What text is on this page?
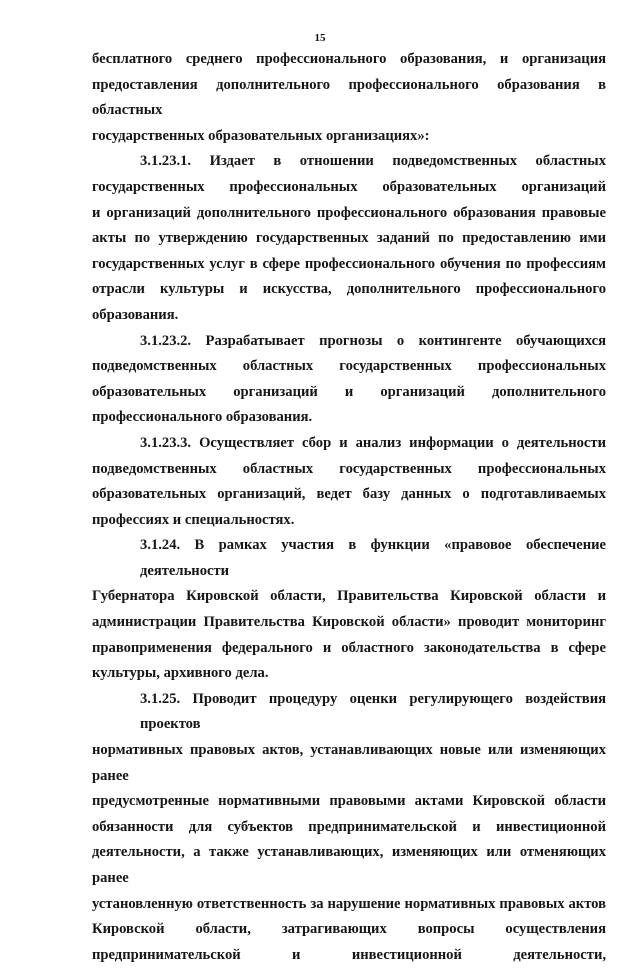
15

бесплатного среднего профессионального образования, и организация
предоставления дополнительного профессионального образования в областных
государственных образовательных организациях»:

3.1.23.1. Издает в отношении подведомственных областных
государственных профессиональных образовательных организаций
и организаций дополнительного профессионального образования правовые
акты по утверждению государственных заданий по предоставлению ими
государственных услуг в сфере профессионального обучения по профессиям
отрасли культуры и искусства, дополнительного профессионального
образования.

3.1.23.2. Разрабатывает прогнозы о контингенте обучающихся
подведомственных областных государственных профессиональных
образовательных организаций и организаций дополнительного
профессионального образования.

3.1.23.3. Осуществляет сбор и анализ информации о деятельности
подведомственных областных государственных профессиональных
образовательных организаций, ведет базу данных о подготавливаемых
профессиях и специальностях.

3.1.24. В рамках участия в функции «правовое обеспечение деятельности
Губернатора Кировской области, Правительства Кировской области и
администрации Правительства Кировской области» проводит мониторинг
правоприменения федерального и областного законодательства в сфере
культуры, архивного дела.

3.1.25. Проводит процедуру оценки регулирующего воздействия проектов
нормативных правовых актов, устанавливающих новые или изменяющих ранее
предусмотренные нормативными правовыми актами Кировской области
обязанности для субъектов предпринимательской и инвестиционной
деятельности, а также устанавливающих, изменяющих или отменяющих ранее
установленную ответственность за нарушение нормативных правовых актов
Кировской области, затрагивающих вопросы осуществления
предпринимательской и инвестиционной деятельности,
